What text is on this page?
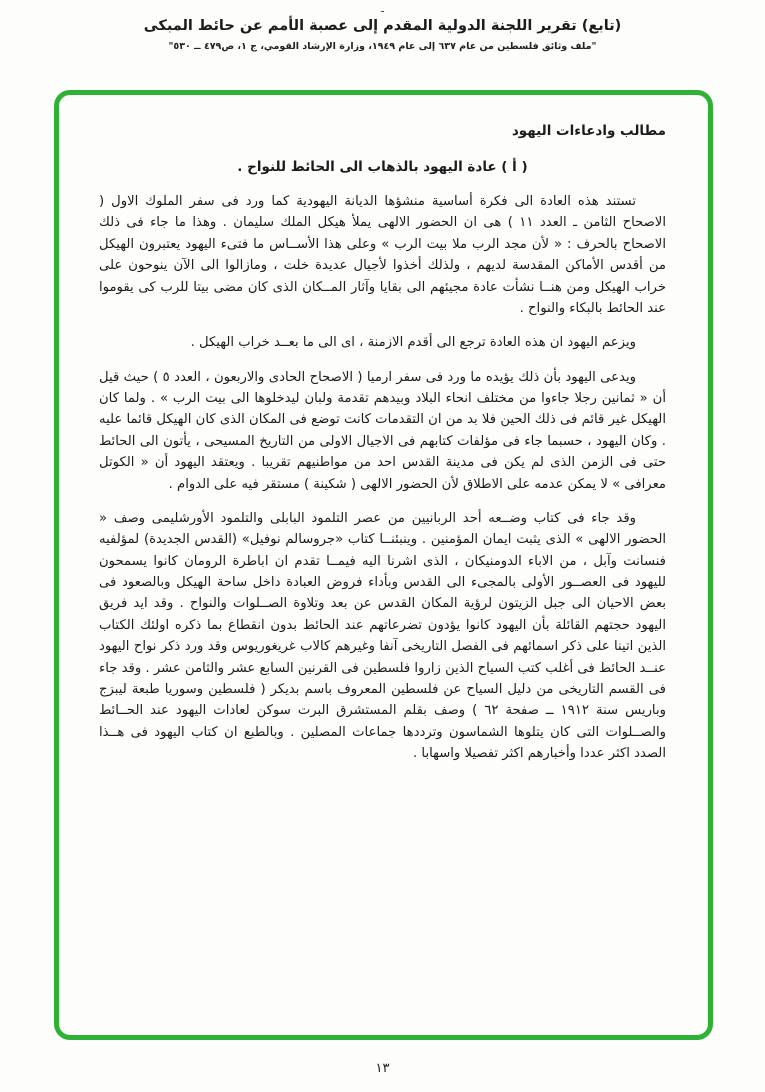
ـ
(تابع) تقرير اللجنة الدولية المقدم إلى عصبة الأمم عن حائط المبكى
"ملف وثائق فلسطين من عام ٦٣٧ إلى عام ١٩٤٩، وزارة الإرشاد القومي، ج ١، ص٤٧٩ ــ ٥٣٠"
مطالب وادعاءات اليهود
( أ ) عادة اليهود بالذهاب الى الحائط للنواح .

تستند هذه العادة الى فكرة أساسية منشؤها الديانة اليهودية كما ورد فى سفر الملوك الاول ( الاصحاح الثامن ـ العدد ١١ ) هى ان الحضور الالهى يملأ هيكل الملك سليمان . وهذا ما جاء فى ذلك الاصحاح بالحرف : « لأن مجد الرب ملا بيت الرب » وعلى هذا الأســاس ما فتىء اليهود يعتبرون الهيكل من أقدس الأماكن المقدسة لديهم ، ولذلك أخذوا لأجيال عديدة خلت ، ومازالوا الى الآن ينوحون على خراب الهيكل ومن هنــا نشأت عادة مجيئهم الى بقايا وآثار المــكان الذى كان مضى بيتا للرب كى يقوموا عند الحائط بالبكاء والنواح .

ويزعم اليهود ان هذه العادة ترجع الى أقدم الازمنة ، اى الى ما بعــد خراب الهيكل .

ويدعى اليهود بأن ذلك يؤيده ما ورد فى سفر ارميا ( الاصحاح الحادى والاربعون ، العدد ٥ ) حيث قيل أن « ثمانين رجلا جاءوا من مختلف انحاء البلاد وبيدهم تقدمة ولبان ليدخلوها الى بيت الرب » . ولما كان الهيكل غير قائم فى ذلك الحين فلا بد من ان التقدمات كانت توضع فى المكان الذى كان الهيكل قائما عليه . وكان اليهود ، حسبما جاء فى مؤلفات كتابهم فى الاجيال الاولى من التاريخ المسيحى ، يأتون الى الحائط حتى فى الزمن الذى لم يكن فى مدينة القدس احد من مواطنيهم تقريبا . ويعتقد اليهود أن « الكوتل معرافى » لا يمكن عدمه على الاطلاق لأن الحضور الالهى ( شكينة ) مستقر فيه على الدوام .

وقد جاء فى كتاب وضــعه أحد الربانيين من عصر التلمود البابلى والتلمود الأورشليمى وصف « الحضور الالهى » الذى يثبت ايمان المؤمنين . وينبئنــا كتاب «جروسالم نوفيل» (القدس الجديدة) لمؤلفيه فنسانت وآبل ، من الاباء الدومنيكان ، الذى اشرنا اليه فيمــا تقدم ان اباطرة الرومان كانوا يسمحون لليهود فى العصــور الأولى بالمجىء الى القدس وبأداء فروض العبادة داخل ساحة الهيكل وبالصعود فى بعض الاحيان الى جبل الزيتون لرؤية المكان القدس عن بعد وتلاوة الصــلوات والنواح . وقد ايد فريق اليهود حجتهم القائلة بأن اليهود كانوا يؤدون تضرعاتهم عند الحائط بدون انقطاع بما ذكره اولئك الكتاب الذين اتينا على ذكر اسمائهم فى الفصل التاريخى آنفا وغيرهم كالاب غريغوريوس وقد ورد ذكر نواح اليهود عنــد الحائط فى أغلب كتب السياح الذين زاروا فلسطين فى القرنين السابع عشر والثامن عشر . وقد جاء فى القسم التاريخى من دليل السياح عن فلسطين المعروف باسم بديكر ( فلسطين وسوريا طبعة ليبزج وباريس سنة ١٩١٢ ــ صفحة ٦٢ ) وصف بقلم المستشرق البرت سوكن لعادات اليهود عند الحــائط والصــلوات التى كان يتلوها الشماسون وترددها جماعات المصلين . وبالطبع ان كتاب اليهود فى هــذا الصدد اكثر عددا وأخبارهم اكثر تفصيلا واسهابا .

١٣
